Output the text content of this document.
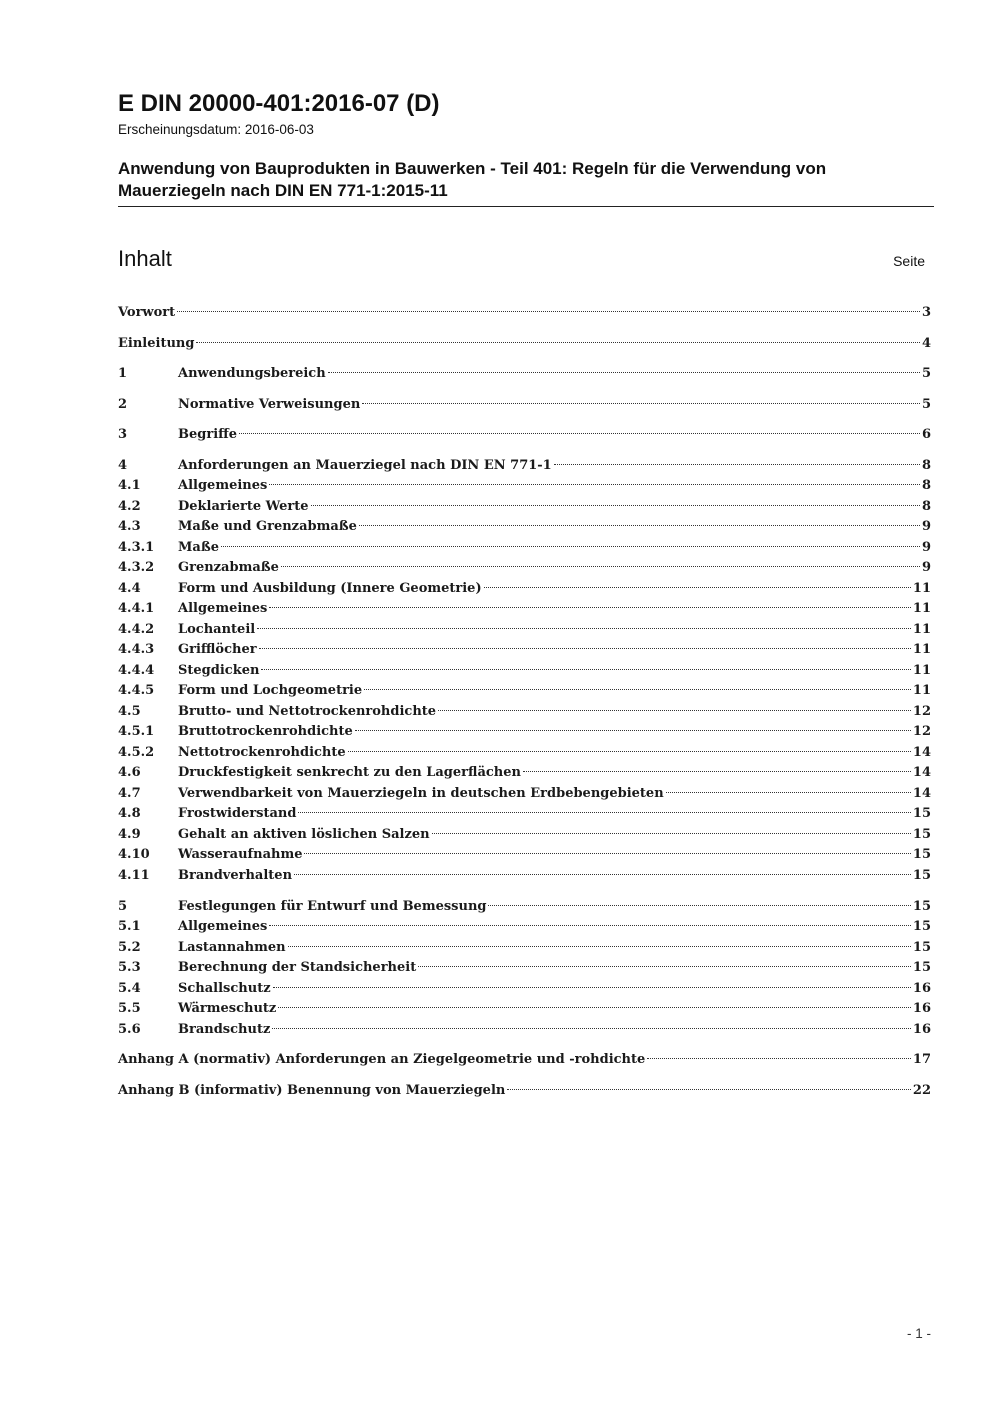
E DIN 20000-401:2016-07 (D)
Erscheinungsdatum: 2016-06-03
Anwendung von Bauprodukten in Bauwerken - Teil 401: Regeln für die Verwendung von Mauerziegeln nach DIN EN 771-1:2015-11
Inhalt	Seite
Vorwort	3
Einleitung	4
1	Anwendungsbereich	5
2	Normative Verweisungen	5
3	Begriffe	6
4	Anforderungen an Mauerziegel nach DIN EN 771-1	8
4.1	Allgemeines	8
4.2	Deklarierte Werte	8
4.3	Maße und Grenzabmaße	9
4.3.1	Maße	9
4.3.2	Grenzabmaße	9
4.4	Form und Ausbildung (Innere Geometrie)	11
4.4.1	Allgemeines	11
4.4.2	Lochanteil	11
4.4.3	Grifflöcher	11
4.4.4	Stegdicken	11
4.4.5	Form und Lochgeometrie	11
4.5	Brutto- und Nettotrockenrohdichte	12
4.5.1	Bruttotrockenrohdichte	12
4.5.2	Nettotrockenrohdichte	14
4.6	Druckfestigkeit senkrecht zu den Lagerflächen	14
4.7	Verwendbarkeit von Mauerziegeln in deutschen Erdbebengebieten	14
4.8	Frostwiderstand	15
4.9	Gehalt an aktiven löslichen Salzen	15
4.10	Wasseraufnahme	15
4.11	Brandverhalten	15
5	Festlegungen für Entwurf und Bemessung	15
5.1	Allgemeines	15
5.2	Lastannahmen	15
5.3	Berechnung der Standsicherheit	15
5.4	Schallschutz	16
5.5	Wärmeschutz	16
5.6	Brandschutz	16
Anhang A (normativ) Anforderungen an Ziegelgeometrie und -rohdichte	17
Anhang B (informativ) Benennung von Mauerziegeln	22
- 1 -
